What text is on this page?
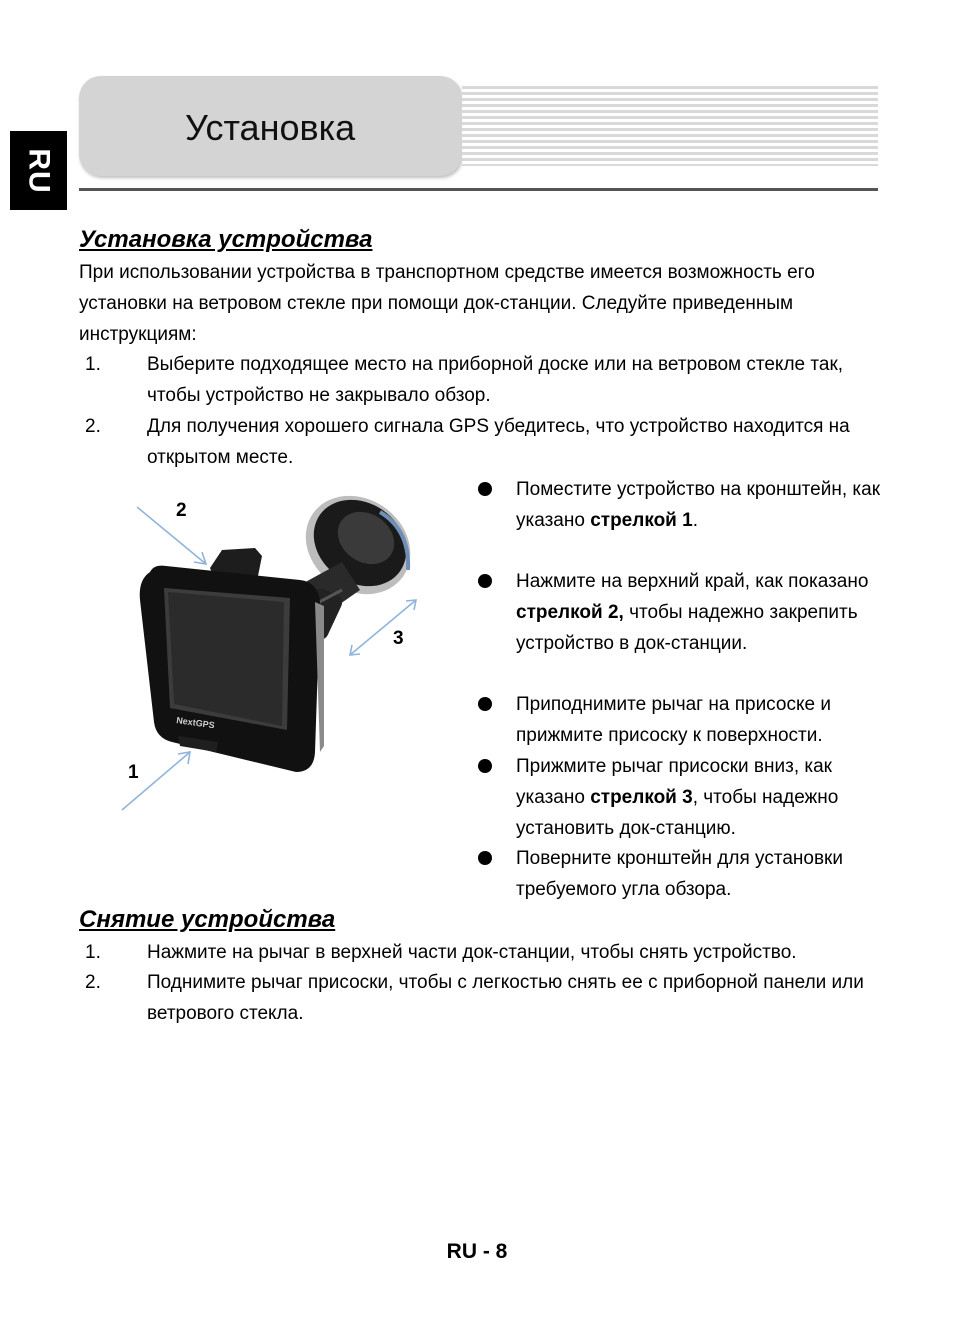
RU
Установка
Установка устройства
При использовании устройства в транспортном средстве имеется возможность его установки на ветровом стекле при помощи док-станции. Следуйте приведенным инструкциям:
1. Выберите подходящее место на приборной доске или на ветровом стекле так, чтобы устройство не закрывало обзор.
2. Для получения хорошего сигнала GPS убедитесь, что устройство находится на открытом месте.
NextGPS
1
2
3
Поместите устройство на кронштейн, как указано стрелкой 1.
Нажмите на верхний край, как показано стрелкой 2, чтобы надежно закрепить устройство в док-станции.
Приподнимите рычаг на присоске и прижмите присоску к поверхности.
Прижмите рычаг присоски вниз, как указано стрелкой 3, чтобы надежно установить док-станцию.
Поверните кронштейн для установки требуемого угла обзора.
Снятие устройства
1. Нажмите на рычаг в верхней части док-станции, чтобы снять устройство.
2. Поднимите рычаг присоски, чтобы с легкостью снять ее с приборной панели или ветрового стекла.
RU - 8
